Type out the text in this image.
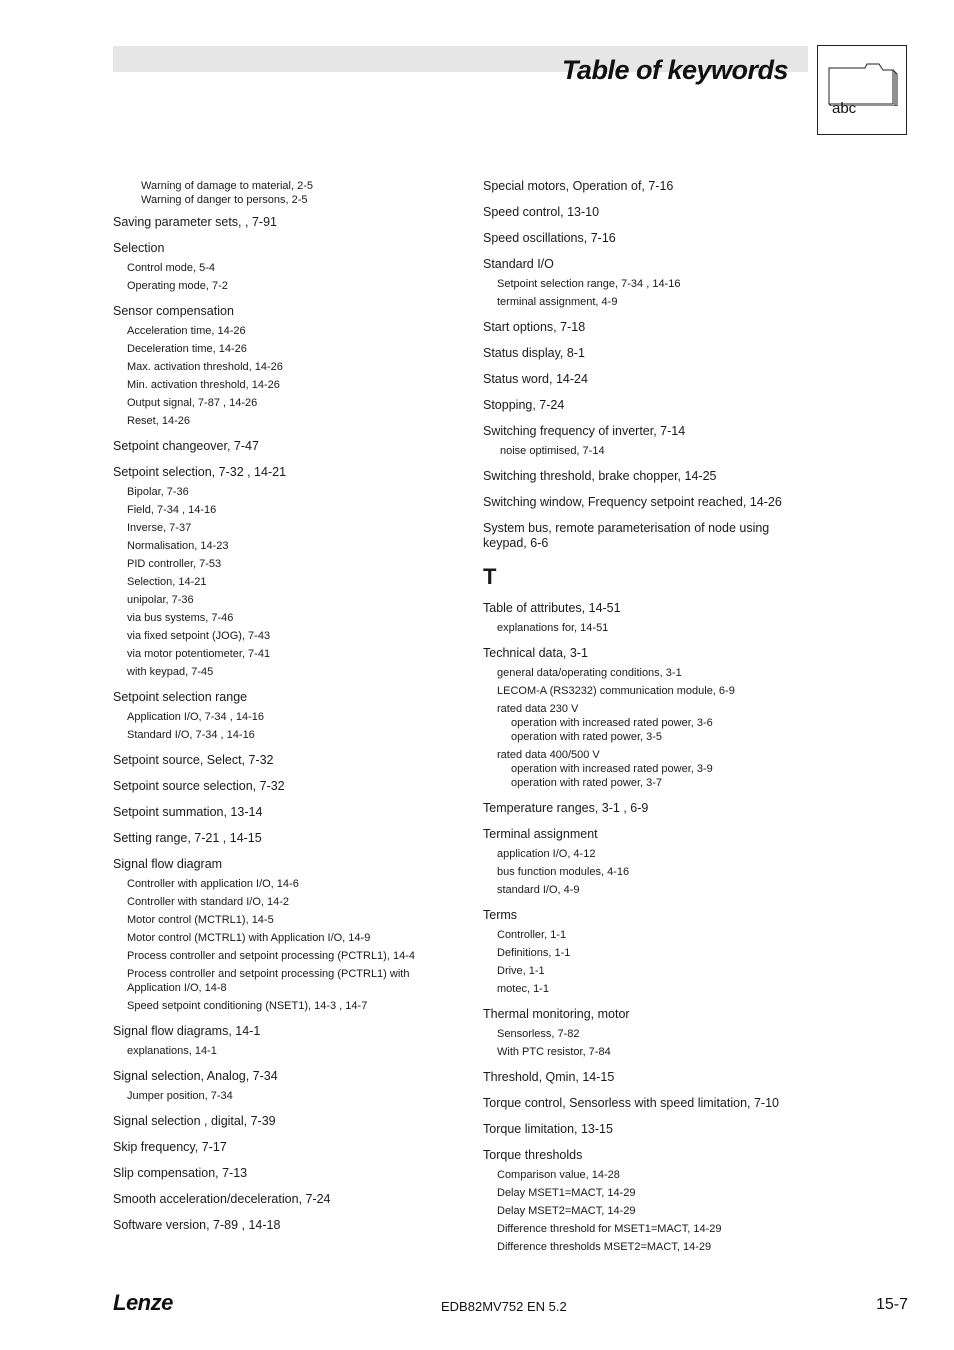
Table of keywords
abc
Warning of damage to material, 2-5
Warning of danger to persons, 2-5
Saving parameter sets, , 7-91
Selection
Control mode, 5-4
Operating mode, 7-2
Sensor compensation
Acceleration time, 14-26
Deceleration time, 14-26
Max. activation threshold, 14-26
Min. activation threshold, 14-26
Output signal, 7-87 , 14-26
Reset, 14-26
Setpoint changeover, 7-47
Setpoint selection, 7-32 , 14-21
Bipolar, 7-36
Field, 7-34 , 14-16
Inverse, 7-37
Normalisation, 14-23
PID controller, 7-53
Selection, 14-21
unipolar, 7-36
via bus systems, 7-46
via fixed setpoint (JOG), 7-43
via motor potentiometer, 7-41
with keypad, 7-45
Setpoint selection range
Application I/O, 7-34 , 14-16
Standard I/O, 7-34 , 14-16
Setpoint source, Select, 7-32
Setpoint source selection, 7-32
Setpoint summation, 13-14
Setting range, 7-21 , 14-15
Signal flow diagram
Controller with application I/O, 14-6
Controller with standard I/O, 14-2
Motor control (MCTRL1), 14-5
Motor control (MCTRL1) with Application I/O, 14-9
Process controller and setpoint processing (PCTRL1), 14-4
Process controller and setpoint processing (PCTRL1) with Application I/O, 14-8
Speed setpoint conditioning (NSET1), 14-3 , 14-7
Signal flow diagrams, 14-1
explanations, 14-1
Signal selection, Analog, 7-34
Jumper position, 7-34
Signal selection , digital, 7-39
Skip frequency, 7-17
Slip compensation, 7-13
Smooth acceleration/deceleration, 7-24
Software version, 7-89 , 14-18
Special motors, Operation of, 7-16
Speed control, 13-10
Speed oscillations, 7-16
Standard I/O
Setpoint selection range, 7-34 , 14-16
terminal assignment, 4-9
Start options, 7-18
Status display, 8-1
Status word, 14-24
Stopping, 7-24
Switching frequency of inverter, 7-14
noise optimised, 7-14
Switching threshold, brake chopper, 14-25
Switching window, Frequency setpoint reached, 14-26
System bus, remote parameterisation of node using keypad, 6-6
T
Table of attributes, 14-51
explanations for, 14-51
Technical data, 3-1
general data/operating conditions, 3-1
LECOM-A (RS3232) communication module, 6-9
rated data 230 V
operation with increased rated power, 3-6
operation with rated power, 3-5
rated data 400/500 V
operation with increased rated power, 3-9
operation with rated power, 3-7
Temperature ranges, 3-1 , 6-9
Terminal assignment
application I/O, 4-12
bus function modules, 4-16
standard I/O, 4-9
Terms
Controller, 1-1
Definitions, 1-1
Drive, 1-1
motec, 1-1
Thermal monitoring, motor
Sensorless, 7-82
With PTC resistor, 7-84
Threshold, Qmin, 14-15
Torque control, Sensorless with speed limitation, 7-10
Torque limitation, 13-15
Torque thresholds
Comparison value, 14-28
Delay MSET1=MACT, 14-29
Delay MSET2=MACT, 14-29
Difference threshold for MSET1=MACT, 14-29
Difference thresholds MSET2=MACT, 14-29
Lenze	EDB82MV752 EN 5.2	15-7
